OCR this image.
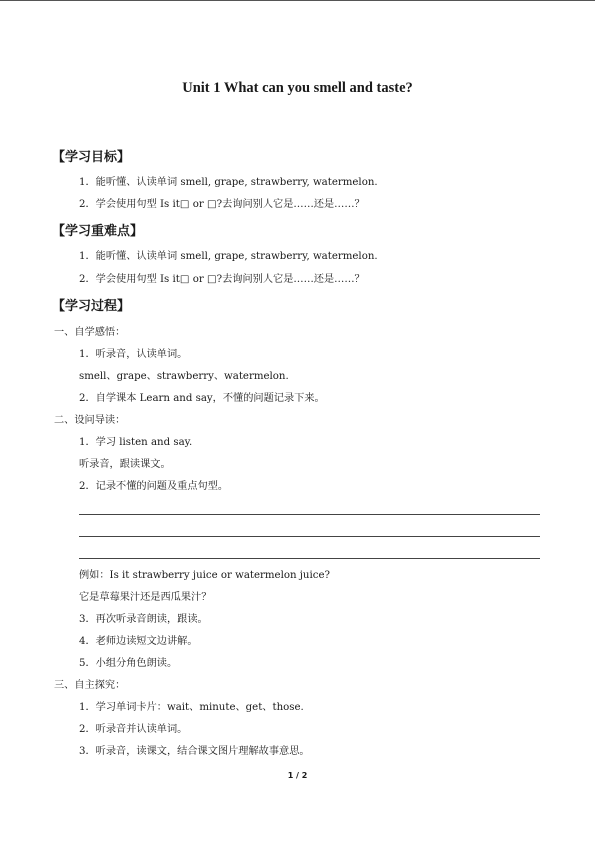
Unit 1 What can you smell and taste?
【学习目标】
1．能听懂、认读单词 smell, grape, strawberry, watermelon.
2．学会使用句型 Is it□ or □?去询问别人它是……还是……？
【学习重难点】
1．能听懂、认读单词 smell, grape, strawberry, watermelon.
2．学会使用句型 Is it□ or □?去询问别人它是……还是……？
【学习过程】
一、自学感悟：
1．听录音，认读单词。
smell、grape、strawberry、watermelon.
2．自学课本 Learn and say，不懂的问题记录下来。
二、设问导读：
1．学习 listen and say.
听录音，跟读课文。
2．记录不懂的问题及重点句型。
例如：Is it strawberry juice or watermelon juice?
它是草莓果汁还是西瓜果汁？
3．再次听录音朗读，跟读。
4．老师边读短文边讲解。
5．小组分角色朗读。
三、自主探究：
1．学习单词卡片：wait、minute、get、those.
2．听录音并认读单词。
3．听录音，读课文，结合课文图片理解故事意思。
1 / 2
